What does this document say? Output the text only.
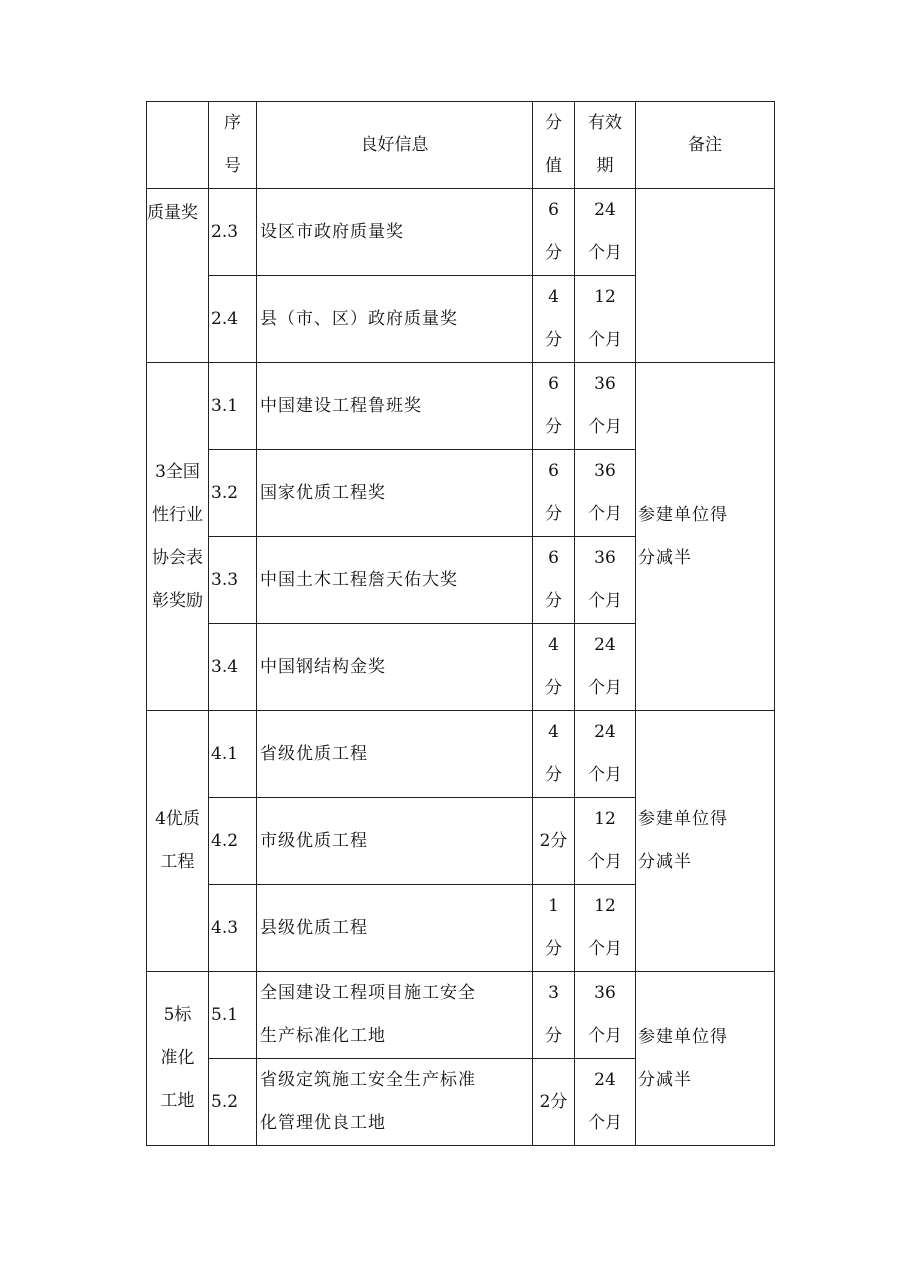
	序
号	良好信息	分
值	有效
期	备注

质量奖	2.3	设区市政府质量奖	6
分	24
个月	

	2.4	县（市、区）政府质量奖	4
分	12
个月	

3全国
性行业
协会表
彰奖励	3.1	中国建设工程鲁班奖	6
分	36
个月	参建单位得
分减半

	3.2	国家优质工程奖	6
分	36
个月	

	3.3	中国土木工程詹天佑大奖	6
分	36
个月	

	3.4	中国钢结构金奖	4
分	24
个月	

4优质
工程	4.1	省级优质工程	4
分	24
个月	参建单位得
分减半

	4.2	市级优质工程	2分	12
个月	

	4.3	县级优质工程	1
分	12
个月	

5标
准化
工地	5.1	全国建设工程项目施工安全
生产标准化工地	3
分	36
个月	参建单位得
分减半

	5.2	省级定筑施工安全生产标准
化管理优良工地	2分	24
个月	
